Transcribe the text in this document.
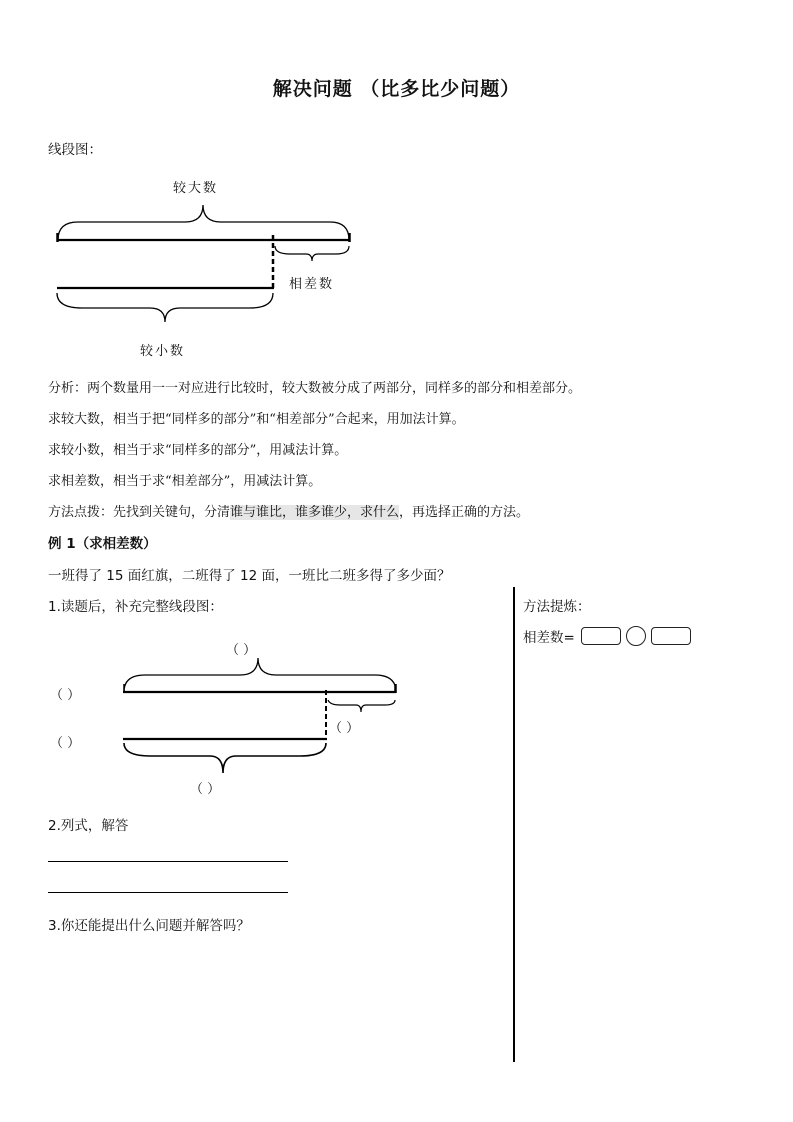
解决问题 （比多比少问题）
线段图：
较大数
相差数
较小数
分析：两个数量用一一对应进行比较时，较大数被分成了两部分，同样多的部分和相差部分。
求较大数，相当于把“同样多的部分”和“相差部分”合起来，用加法计算。
求较小数，相当于求“同样多的部分”，用减法计算。
求相差数，相当于求“相差部分”，用减法计算。
方法点拨：先找到关键句，分清谁与谁比，谁多谁少，求什么，再选择正确的方法。
例 1（求相差数）
一班得了 15 面红旗，二班得了 12 面，一班比二班多得了多少面？
1.读题后，补充完整线段图：
（ ）
（ ）
（ ）
（ ）
（ ）
2.列式，解答
3.你还能提出什么问题并解答吗？
方法提炼：
相差数=
